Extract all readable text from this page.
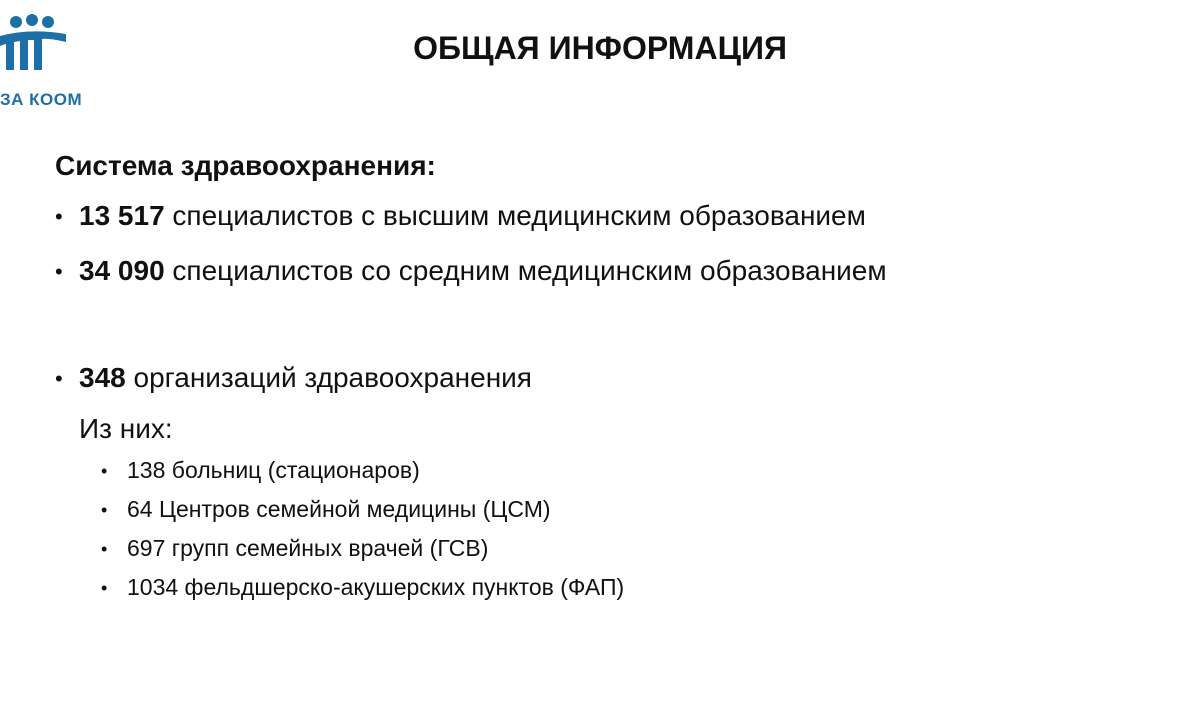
ЗА КООМ
ОБЩАЯ ИНФОРМАЦИЯ
Система здравоохранения:
• 13 517 специалистов с высшим медицинским образованием
• 34 090 специалистов со средним медицинским образованием
• 348 организаций здравоохранения
Из них:
• 138 больниц (стационаров)
• 64 Центров семейной медицины (ЦСМ)
• 697 групп семейных врачей (ГСВ)
• 1034 фельдшерско-акушерских пунктов (ФАП)
